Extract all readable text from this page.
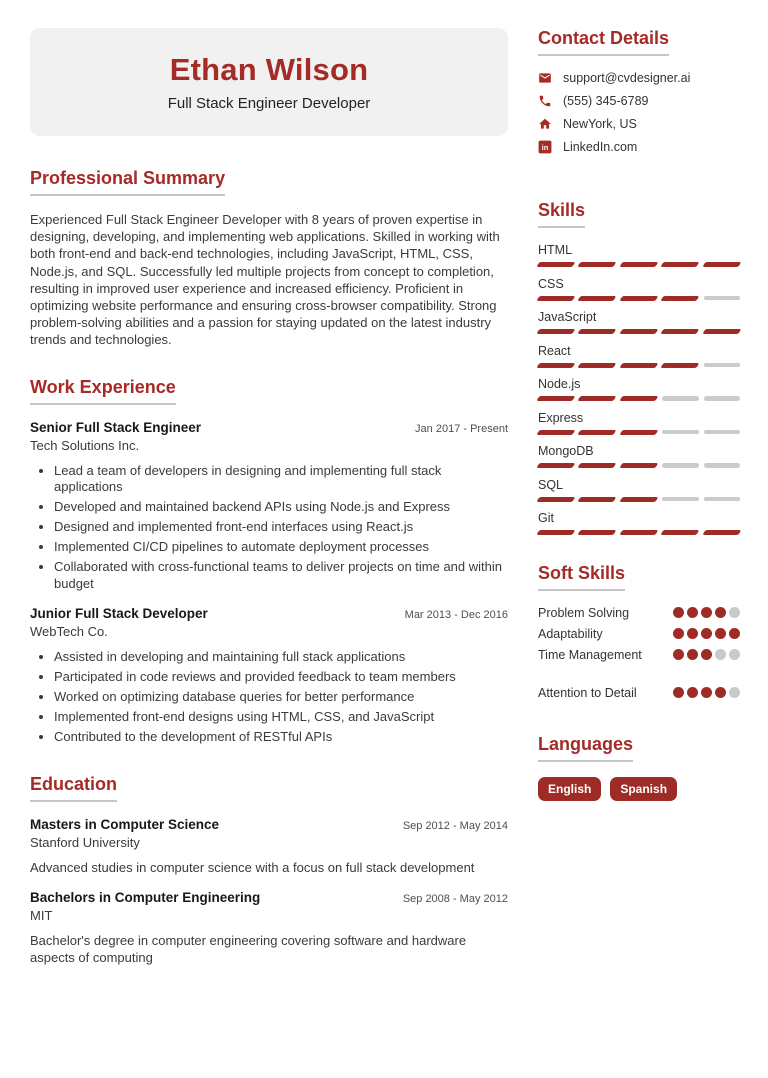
Ethan Wilson
Full Stack Engineer Developer
Professional Summary

Experienced Full Stack Engineer Developer with 8 years of proven expertise in designing, developing, and implementing web applications. Skilled in working with both front-end and back-end technologies, including JavaScript, HTML, CSS, Node.js, and SQL. Successfully led multiple projects from concept to completion, resulting in improved user experience and increased efficiency. Proficient in optimizing website performance and ensuring cross-browser compatibility. Strong problem-solving abilities and a passion for staying updated on the latest industry trends and technologies.

Work Experience
Senior Full Stack Engineer	Jan 2017 - Present
Tech Solutions Inc.
• Lead a team of developers in designing and implementing full stack applications
• Developed and maintained backend APIs using Node.js and Express
• Designed and implemented front-end interfaces using React.js
• Implemented CI/CD pipelines to automate deployment processes
• Collaborated with cross-functional teams to deliver projects on time and within budget
Junior Full Stack Developer	Mar 2013 - Dec 2016
WebTech Co.
• Assisted in developing and maintaining full stack applications
• Participated in code reviews and provided feedback to team members
• Worked on optimizing database queries for better performance
• Implemented front-end designs using HTML, CSS, and JavaScript
• Contributed to the development of RESTful APIs
Education
Masters in Computer Science	Sep 2012 - May 2014
Stanford University

Advanced studies in computer science with a focus on full stack development

Bachelors in Computer Engineering	Sep 2008 - May 2012
MIT

Bachelor's degree in computer engineering covering software and hardware aspects of computing

Contact Details
support@cvdesigner.ai
(555) 345-6789
NewYork, US
in LinkedIn.com
Skills
HTML
CSS
JavaScript
React
Node.js
Express
MongoDB
SQL
Git
Soft Skills
Problem Solving
Adaptability
Time Management
Attention to Detail
Languages
English	Spanish
